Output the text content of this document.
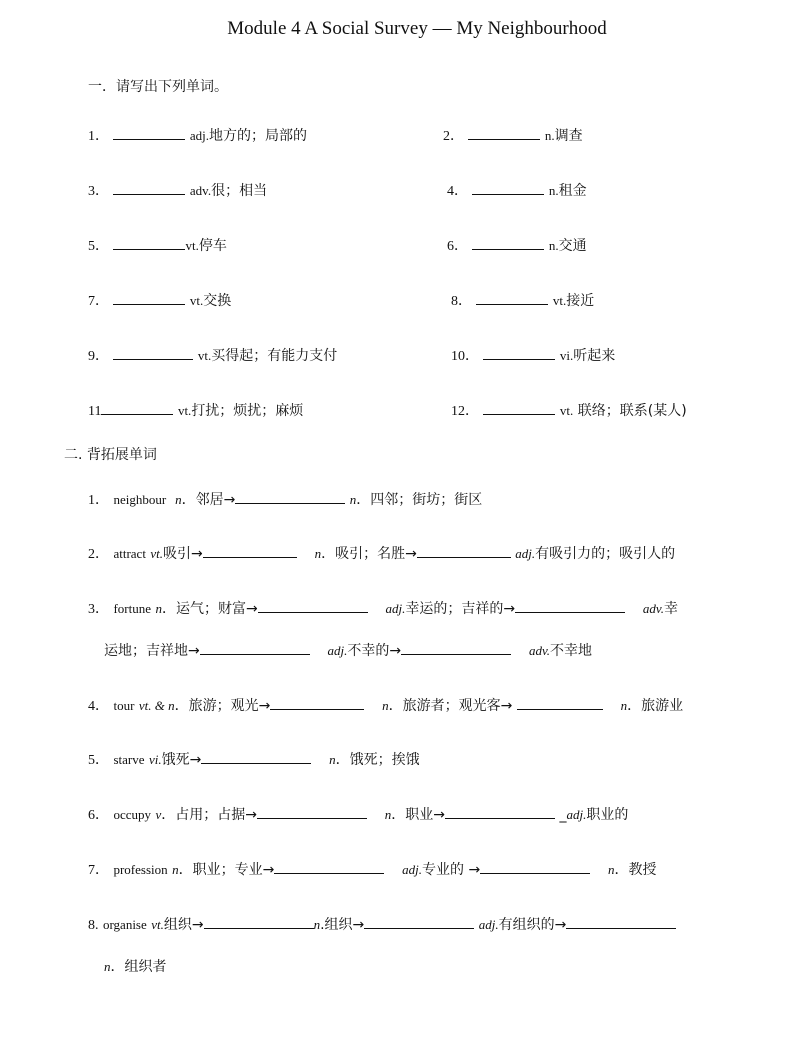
Module 4 A Social Survey — My Neighbourhood
一．请写出下列单词。
1．	adj.地方的；局部的	2．	n.调查
3．	adv.很；相当	4．	n.租金
5．	vt.停车	6．	n.交通
7．	vt.交换	8．	vt.接近
9．	vt.买得起；有能力支付	10．	vi.听起来
11	vt.打扰；烦扰；麻烦	12．	vt. 联络；联系(某人)
二. 背拓展单词
1． neighbour n．邻居→	n．四邻；街坊；街区
2． attract vt.吸引→	n．吸引；名胜→	adj.有吸引力的；吸引人的
3． fortune n．运气；财富→	adj.幸运的；吉祥的→	adv.幸
运地；吉祥地→	adj.不幸的→	adv.不幸地
4． tour vt. & n．旅游；观光→	n．旅游者；观光客→	n．旅游业
5． starve vi.饿死→	n．饿死；挨饿
6． occupy v．占用；占据→	n．职业→	_adj.职业的
7． profession n．职业；专业→	adj.专业的 →	n．教授
8. organise vt.组织→	n.组织→	adj.有组织的→
n．组织者
